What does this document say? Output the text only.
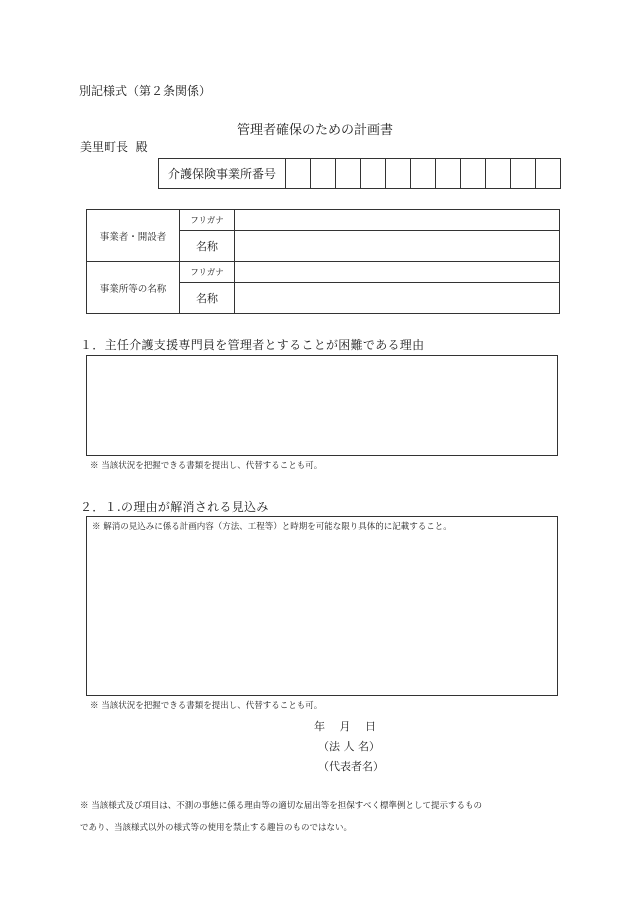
別記様式（第２条関係）
管理者確保のための計画書
美里町長  殿
介護保険事業所番号
事業者・開設者	フリガナ	
	名称	
事業所等の名称	フリガナ	
	名称	
１．主任介護支援専門員を管理者とすることが困難である理由
※ 当該状況を把握できる書類を提出し、代替することも可。
２．１.の理由が解消される見込み
※ 解消の見込みに係る計画内容（方法、工程等）と時期を可能な限り具体的に記載すること。
※ 当該状況を把握できる書類を提出し、代替することも可。
年　 月　 日
（法 人 名）
（代表者名）
※ 当該様式及び項目は、不測の事態に係る理由等の適切な届出等を担保すべく標準例として提示するもの
であり、当該様式以外の様式等の使用を禁止する趣旨のものではない。
